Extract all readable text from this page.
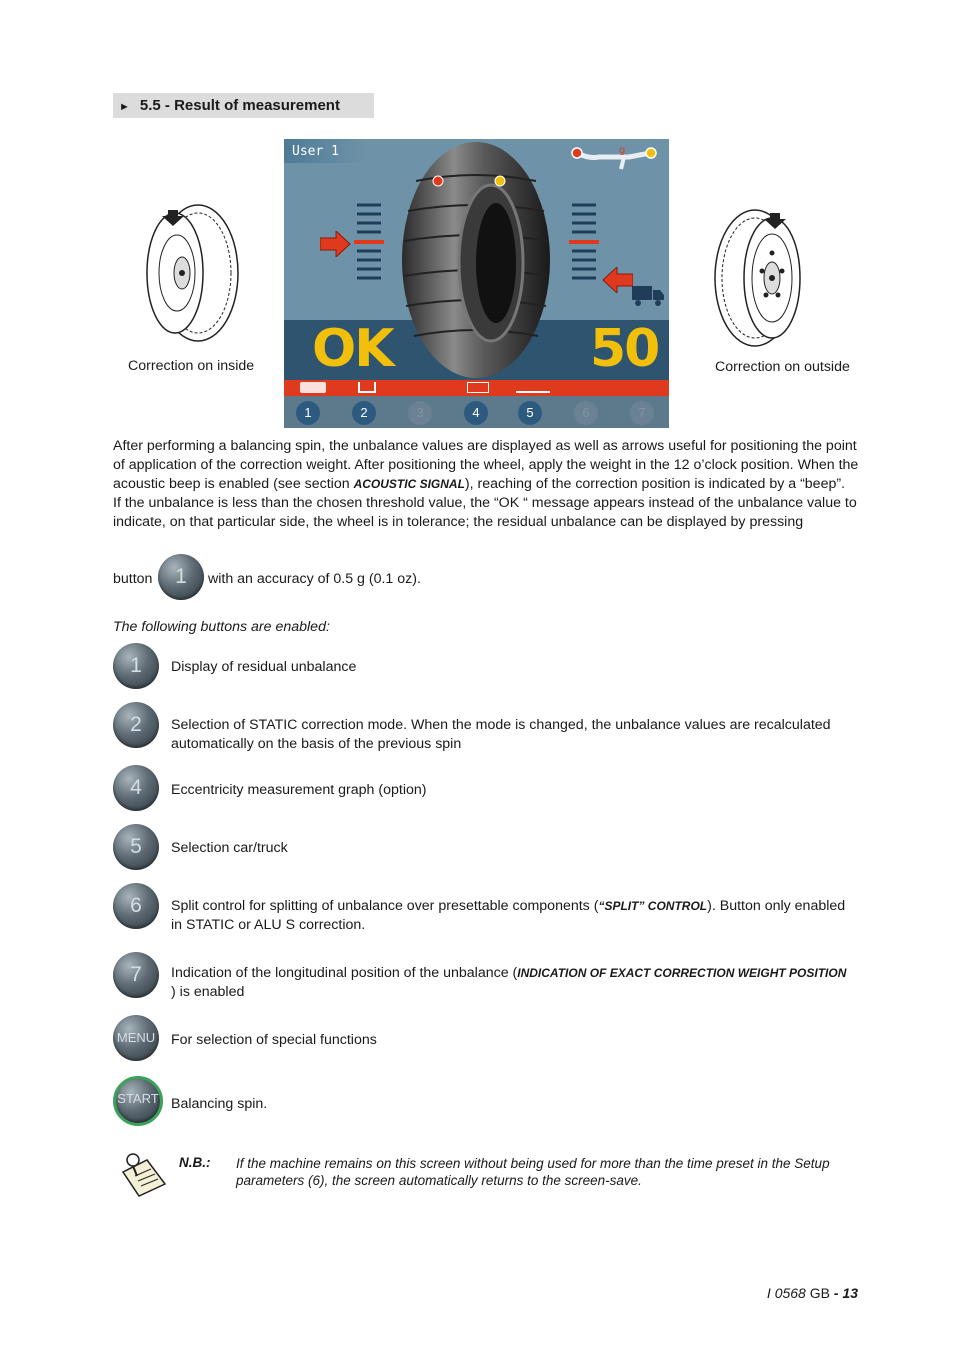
► 5.5 - Result of measurement
Correction on inside
User 1	g
OK	50
1	2	3	4	5	6	7
Correction on outside

After performing a balancing spin, the unbalance values are displayed as well as arrows useful for positioning the point of application of the correction weight. After positioning the wheel, apply the weight in the 12 o’clock position. When the acoustic beep is enabled (see section ACOUSTIC SIGNAL), reaching of the correction position is indicated by a “beep”.

If the unbalance is less than the chosen threshold value, the “OK “ message appears instead of the unbalance value to indicate, on that particular side, the wheel is in tolerance; the residual unbalance can be displayed by pressing

button	1	with an accuracy of 0.5 g (0.1 oz).
The following buttons are enabled:
1	Display of residual unbalance
2	Selection of STATIC correction mode. When the mode is changed, the unbalance values are recalculated automatically on the basis of the previous spin
4	Eccentricity measurement graph (option)
5	Selection car/truck
6	Split control for splitting of unbalance over presettable components (“SPLIT” CONTROL). Button only enabled in STATIC or ALU S correction.
7	Indication of the longitudinal position of the unbalance (INDICATION OF EXACT CORRECTION WEIGHT POSITION ) is enabled
MENU For selection of special functions
START Balancing spin.
N.B.: If the machine remains on this screen without being used for more than the time preset in the Setup parameters (6), the screen automatically returns to the screen-save.
I 0568 GB - 13
